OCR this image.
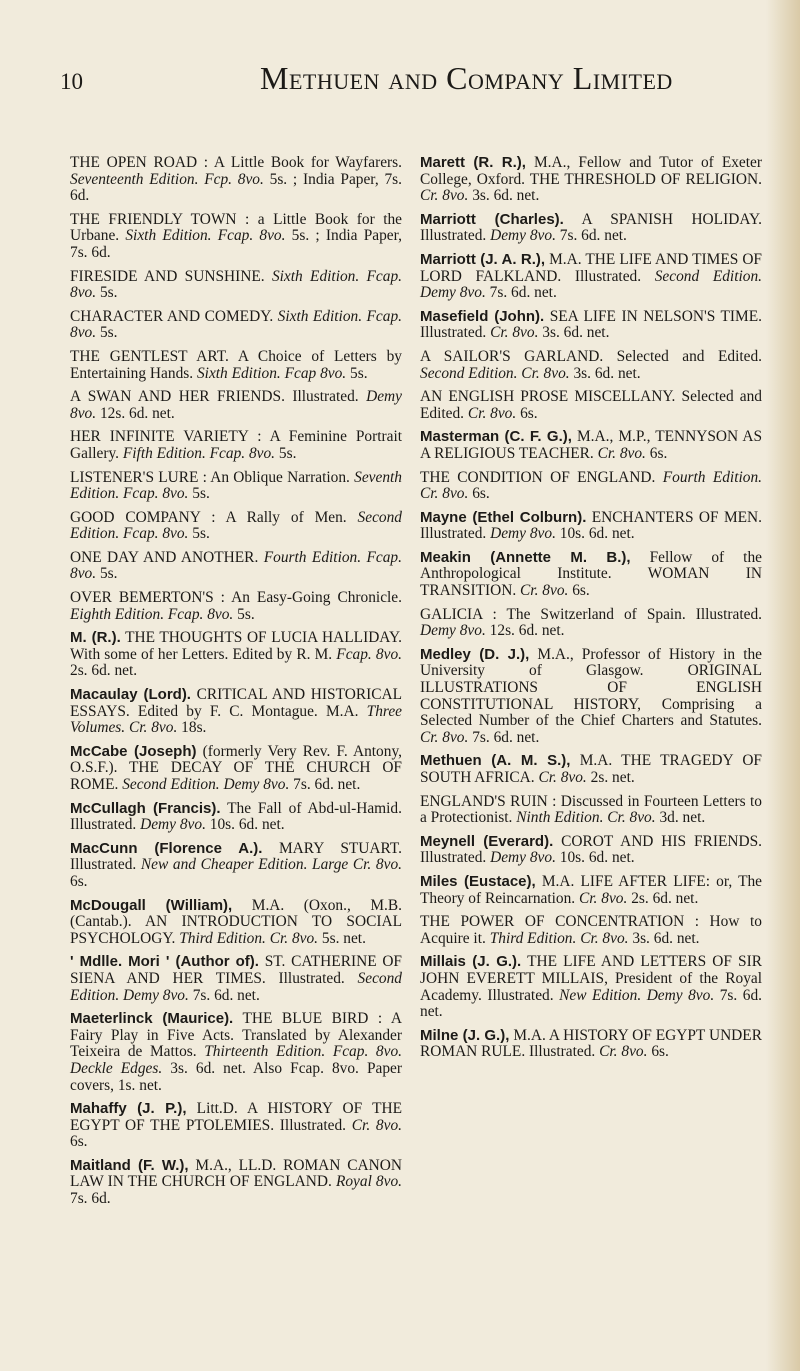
10	Methuen and Company Limited

THE OPEN ROAD : A Little Book for Wayfarers. Seventeenth Edition. Fcp. 8vo. 5s. ; India Paper, 7s. 6d.

THE FRIENDLY TOWN : a Little Book for the Urbane. Sixth Edition. Fcap. 8vo. 5s. ; India Paper, 7s. 6d.

FIRESIDE AND SUNSHINE. Sixth Edition. Fcap. 8vo. 5s.

CHARACTER AND COMEDY. Sixth Edition. Fcap. 8vo. 5s.

THE GENTLEST ART. A Choice of Letters by Entertaining Hands. Sixth Edition. Fcap 8vo. 5s.

A SWAN AND HER FRIENDS. Illustrated. Demy 8vo. 12s. 6d. net.

HER INFINITE VARIETY : A Feminine Portrait Gallery. Fifth Edition. Fcap. 8vo. 5s.

LISTENER'S LURE : An Oblique Narration. Seventh Edition. Fcap. 8vo. 5s.

GOOD COMPANY : A Rally of Men. Second Edition. Fcap. 8vo. 5s.

ONE DAY AND ANOTHER. Fourth Edition. Fcap. 8vo. 5s.

OVER BEMERTON'S : An Easy-Going Chronicle. Eighth Edition. Fcap. 8vo. 5s.

M. (R.). THE THOUGHTS OF LUCIA HALLIDAY. With some of her Letters. Edited by R. M. Fcap. 8vo. 2s. 6d. net.

Macaulay (Lord). CRITICAL AND HISTORICAL ESSAYS. Edited by F. C. Montague. M.A. Three Volumes. Cr. 8vo. 18s.

McCabe (Joseph) (formerly Very Rev. F. Antony, O.S.F.). THE DECAY OF THE CHURCH OF ROME. Second Edition. Demy 8vo. 7s. 6d. net.

McCullagh (Francis). The Fall of Abd-ul-Hamid. Illustrated. Demy 8vo. 10s. 6d. net.

MacCunn (Florence A.). MARY STUART. Illustrated. New and Cheaper Edition. Large Cr. 8vo. 6s.

McDougall (William), M.A. (Oxon., M.B. (Cantab.). AN INTRODUCTION TO SOCIAL PSYCHOLOGY. Third Edition. Cr. 8vo. 5s. net.

' Mdlle. Mori ' (Author of). ST. CATHERINE OF SIENA AND HER TIMES. Illustrated. Second Edition. Demy 8vo. 7s. 6d. net.

Maeterlinck (Maurice). THE BLUE BIRD : A Fairy Play in Five Acts. Translated by Alexander Teixeira de Mattos. Thirteenth Edition. Fcap. 8vo. Deckle Edges. 3s. 6d. net. Also Fcap. 8vo. Paper covers, 1s. net.

Mahaffy (J. P.), Litt.D. A HISTORY OF THE EGYPT OF THE PTOLEMIES. Illustrated. Cr. 8vo. 6s.

Maitland (F. W.), M.A., LL.D. ROMAN CANON LAW IN THE CHURCH OF ENGLAND. Royal 8vo. 7s. 6d.

Marett (R. R.), M.A., Fellow and Tutor of Exeter College, Oxford. THE THRESHOLD OF RELIGION. Cr. 8vo. 3s. 6d. net.

Marriott (Charles). A SPANISH HOLIDAY. Illustrated. Demy 8vo. 7s. 6d. net.

Marriott (J. A. R.), M.A. THE LIFE AND TIMES OF LORD FALKLAND. Illustrated. Second Edition. Demy 8vo. 7s. 6d. net.

Masefield (John). SEA LIFE IN NELSON'S TIME. Illustrated. Cr. 8vo. 3s. 6d. net.

A SAILOR'S GARLAND. Selected and Edited. Second Edition. Cr. 8vo. 3s. 6d. net.

AN ENGLISH PROSE MISCELLANY. Selected and Edited. Cr. 8vo. 6s.

Masterman (C. F. G.), M.A., M.P., TENNYSON AS A RELIGIOUS TEACHER. Cr. 8vo. 6s.

THE CONDITION OF ENGLAND. Fourth Edition. Cr. 8vo. 6s.

Mayne (Ethel Colburn). ENCHANTERS OF MEN. Illustrated. Demy 8vo. 10s. 6d. net.

Meakin (Annette M. B.), Fellow of the Anthropological Institute. WOMAN IN TRANSITION. Cr. 8vo. 6s.

GALICIA : The Switzerland of Spain. Illustrated. Demy 8vo. 12s. 6d. net.

Medley (D. J.), M.A., Professor of History in the University of Glasgow. ORIGINAL ILLUSTRATIONS OF ENGLISH CONSTITUTIONAL HISTORY, Comprising a Selected Number of the Chief Charters and Statutes. Cr. 8vo. 7s. 6d. net.

Methuen (A. M. S.), M.A. THE TRAGEDY OF SOUTH AFRICA. Cr. 8vo. 2s. net.

ENGLAND'S RUIN : Discussed in Fourteen Letters to a Protectionist. Ninth Edition. Cr. 8vo. 3d. net.

Meynell (Everard). COROT AND HIS FRIENDS. Illustrated. Demy 8vo. 10s. 6d. net.

Miles (Eustace), M.A. LIFE AFTER LIFE: or, The Theory of Reincarnation. Cr. 8vo. 2s. 6d. net.

THE POWER OF CONCENTRATION : How to Acquire it. Third Edition. Cr. 8vo. 3s. 6d. net.

Millais (J. G.). THE LIFE AND LETTERS OF SIR JOHN EVERETT MILLAIS, President of the Royal Academy. Illustrated. New Edition. Demy 8vo. 7s. 6d. net.

Milne (J. G.), M.A. A HISTORY OF EGYPT UNDER ROMAN RULE. Illustrated. Cr. 8vo. 6s.
